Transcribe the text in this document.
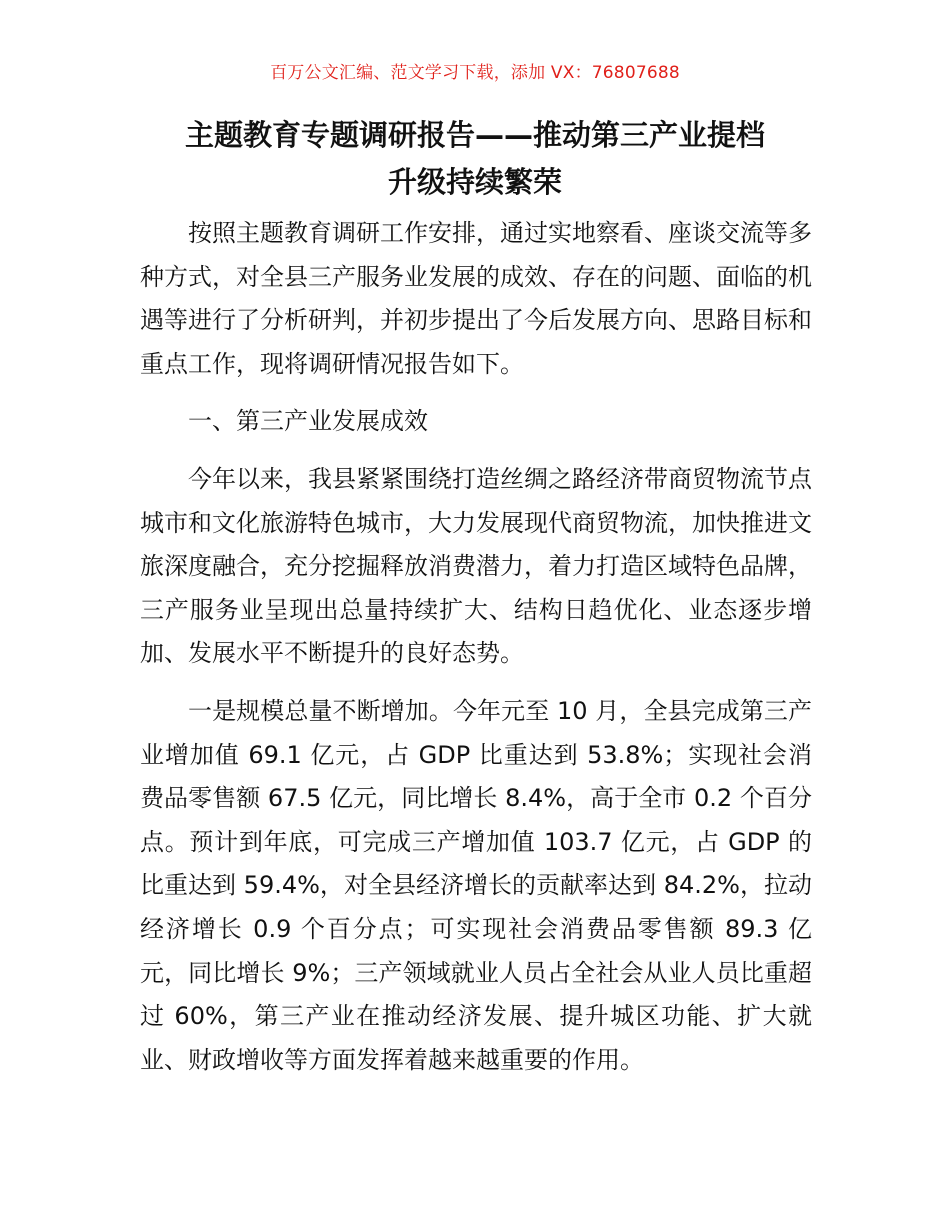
百万公文汇编、范文学习下载，添加 VX：76807688
主题教育专题调研报告——推动第三产业提档
升级持续繁荣

按照主题教育调研工作安排，通过实地察看、座谈交流等多种方式，对全县三产服务业发展的成效、存在的问题、面临的机遇等进行了分析研判，并初步提出了今后发展方向、思路目标和重点工作，现将调研情况报告如下。

一、第三产业发展成效

今年以来，我县紧紧围绕打造丝绸之路经济带商贸物流节点城市和文化旅游特色城市，大力发展现代商贸物流，加快推进文旅深度融合，充分挖掘释放消费潜力，着力打造区域特色品牌，三产服务业呈现出总量持续扩大、结构日趋优化、业态逐步增加、发展水平不断提升的良好态势。

一是规模总量不断增加。今年元至 10 月，全县完成第三产业增加值 69.1 亿元，占 GDP 比重达到 53.8%；实现社会消费品零售额 67.5 亿元，同比增长 8.4%，高于全市 0.2 个百分点。预计到年底，可完成三产增加值 103.7 亿元，占 GDP 的比重达到 59.4%，对全县经济增长的贡献率达到 84.2%，拉动经济增长 0.9 个百分点；可实现社会消费品零售额 89.3 亿元，同比增长 9%；三产领域就业人员占全社会从业人员比重超过 60%，第三产业在推动经济发展、提升城区功能、扩大就业、财政增收等方面发挥着越来越重要的作用。
